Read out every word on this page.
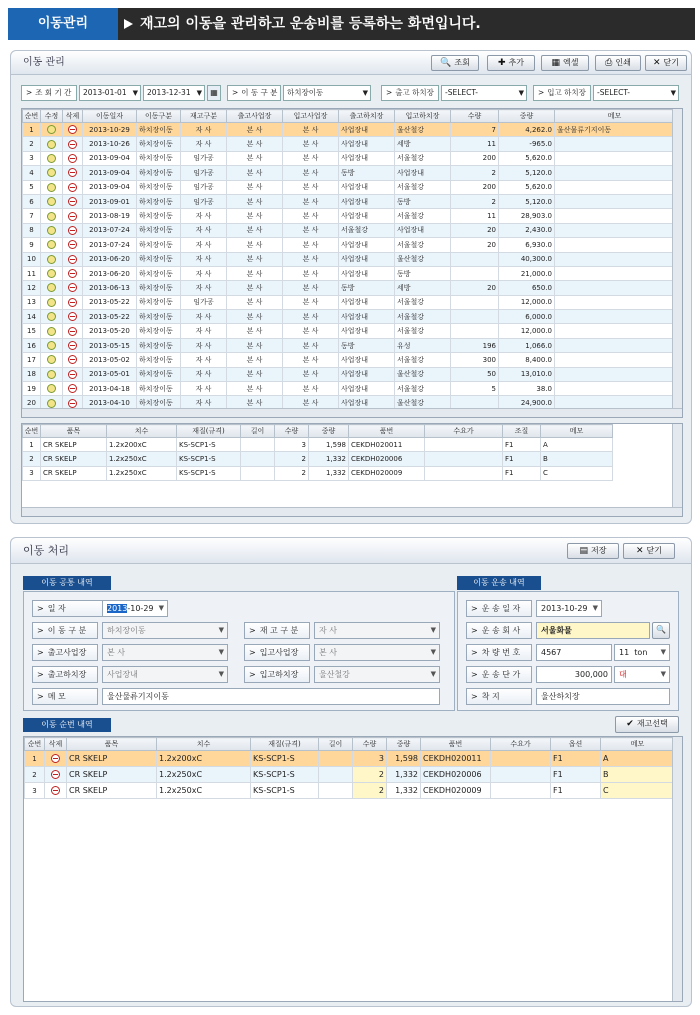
이동관리	재고의 이동을 관리하고 운송비를 등록하는 화면입니다.
이동 관리	🔍 조회	✚ 추가	▦ 엑셀	⎙ 인쇄	✕ 닫기
> 조 회 기 간	2013-01-01 ▼	2013-12-31 ▼	▦	> 이 동 구 분	하치장이동	▼	> 출고 하치장	-SELECT-	▼	> 입고 하치장	-SELECT-	▼
순번	수정	삭제	이동일자	이동구분	재고구분	출고사업장	입고사업장	출고하치장	입고하치장	수량	중량	메모
1			2013-10-29	하치장이동	자 사	본 사	본 사	사업장내	울산철강	7	4,262.0	울산물류기지이동
2			2013-10-26	하치장이동	자 사	본 사	본 사	사업장내	세방	11	-965.0	
3			2013-09-04	하치장이동	임가공	본 사	본 사	사업장내	서울철강	200	5,620.0	
4			2013-09-04	하치장이동	임가공	본 사	본 사	동방	사업장내	2	5,120.0	
5			2013-09-04	하치장이동	임가공	본 사	본 사	사업장내	서울철강	200	5,620.0	
6			2013-09-01	하치장이동	임가공	본 사	본 사	사업장내	동방	2	5,120.0	
7			2013-08-19	하치장이동	자 사	본 사	본 사	사업장내	서울철강	11	28,903.0	
8			2013-07-24	하치장이동	자 사	본 사	본 사	서울철강	사업장내	20	2,430.0	
9			2013-07-24	하치장이동	자 사	본 사	본 사	사업장내	서울철강	20	6,930.0	
10			2013-06-20	하치장이동	자 사	본 사	본 사	사업장내	울산철강		40,300.0	
11			2013-06-20	하치장이동	자 사	본 사	본 사	사업장내	동방		21,000.0	
12			2013-06-13	하치장이동	자 사	본 사	본 사	동방	세방	20	650.0	
13			2013-05-22	하치장이동	임가공	본 사	본 사	사업장내	서울철강		12,000.0	
14			2013-05-22	하치장이동	자 사	본 사	본 사	사업장내	서울철강		6,000.0	
15			2013-05-20	하치장이동	자 사	본 사	본 사	사업장내	서울철강		12,000.0	
16			2013-05-15	하치장이동	자 사	본 사	본 사	동방	유성	196	1,066.0	
17			2013-05-02	하치장이동	자 사	본 사	본 사	사업장내	서울철강	300	8,400.0	
18			2013-05-01	하치장이동	자 사	본 사	본 사	사업장내	울산철강	50	13,010.0	
19			2013-04-18	하치장이동	자 사	본 사	본 사	사업장내	서울철강	5	38.0	
20			2013-04-10	하치장이동	자 사	본 사	본 사	사업장내	울산철강		24,900.0	
순번	품목	치수	재질(규격)	길이	수량	중량	품번	수요가	조질	메모
1	CR SKELP	1.2x200xC	KS-SCP1-S		3	1,598	CEKDH020011		F1	A
2	CR SKELP	1.2x250xC	KS-SCP1-S		2	1,332	CEKDH020006		F1	B
3	CR SKELP	1.2x250xC	KS-SCP1-S		2	1,332	CEKDH020009		F1	C
이동 처리	▤ 저장	✕ 닫기
이동 공통 내역
> 일 자	2013-10-29 ▼
> 이 동 구 분	하치장이동	▼	> 재 고 구 분	자 사	▼
> 출고사업장	본 사	▼	> 입고사업장	본 사	▼
> 출고하치장	사업장내	▼	> 입고하치장	울산철강	▼
> 메 모	울산물류기지이동
이동 운송 내역
> 운 송 일 자	2013-10-29 ▼
> 운 송 회 사	서울화물	🔍
> 차 량 번 호	4567	11 ton ▼
> 운 송 단 가	300,000	대	▼
> 착 지	울산하치장
이동 순번 내역	✔ 재고선택
순번	삭제	품목	치수	재질(규격)	길이	수량	중량	품번	수요가	옵션	메모
1		CR SKELP	1.2x200xC	KS-SCP1-S		3	1,598	CEKDH020011		F1	A
2		CR SKELP	1.2x250xC	KS-SCP1-S		2	1,332	CEKDH020006		F1	B
3		CR SKELP	1.2x250xC	KS-SCP1-S		2	1,332	CEKDH020009		F1	C
